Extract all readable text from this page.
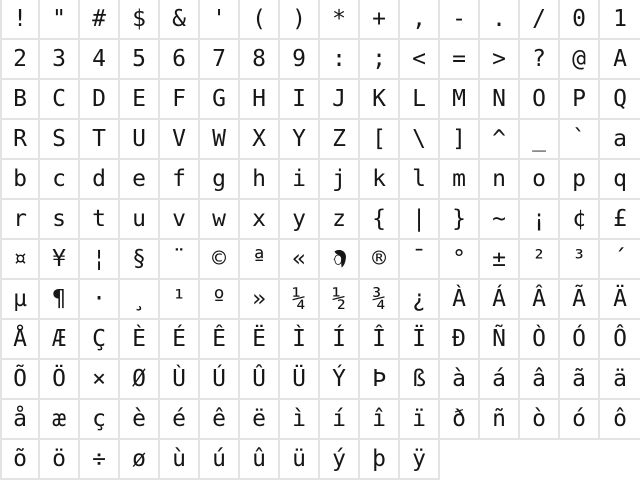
! " # $ & ' ( ) * + , - . / 0 1
2 3 4 5 6 7 8 9 : ; < = > ? @ A
B C D E F G H I J K L M N O P Q
R S T U V W X Y Z [ \ ] ^ _ ` a
b c d e f g h i j k l m n o p q
r s t u v w x y z { | } ~ ¡ ¢ £
¤ ¥ ¦ § ¨ © ª «	® ¯ ° ± ² ³ ´
µ ¶ · ¸ ¹ º » ¼ ½ ¾ ¿ À Á Â Ã Ä
Å Æ Ç È É Ê Ë Ì Í Î Ï Ð Ñ Ò Ó Ô
Õ Ö × Ø Ù Ú Û Ü Ý Þ ß à á â ã ä
å æ ç è é ê ë ì í î ï ð ñ ò ó ô
õ ö ÷ ø ù ú û ü ý þ ÿ
